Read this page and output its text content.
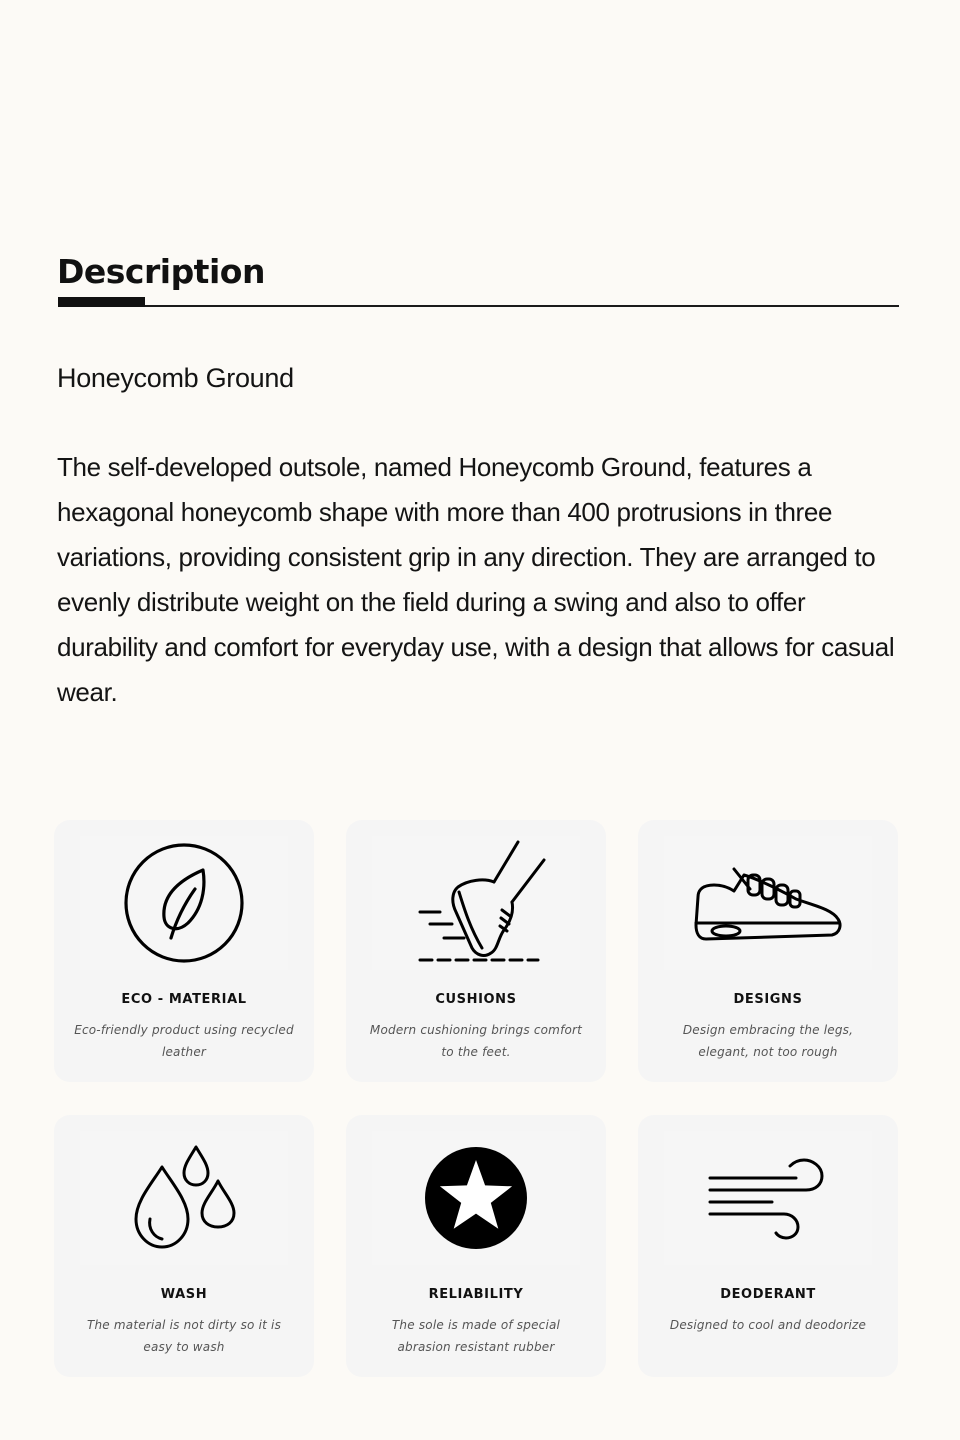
Description

Honeycomb Ground

The self-developed outsole, named Honeycomb Ground, features a hexagonal honeycomb shape with more than 400 protrusions in three variations, providing consistent grip in any direction. They are arranged to evenly distribute weight on the field during a swing and also to offer durability and comfort for everyday use, with a design that allows for casual wear.

ECO - MATERIAL

Eco-friendly product using recycled leather

CUSHIONS

Modern cushioning brings comfort to the feet.

DESIGNS

Design embracing the legs, elegant, not too rough

WASH

The material is not dirty so it is easy to wash

RELIABILITY

The sole is made of special abrasion resistant rubber

DEODERANT

Designed to cool and deodorize
